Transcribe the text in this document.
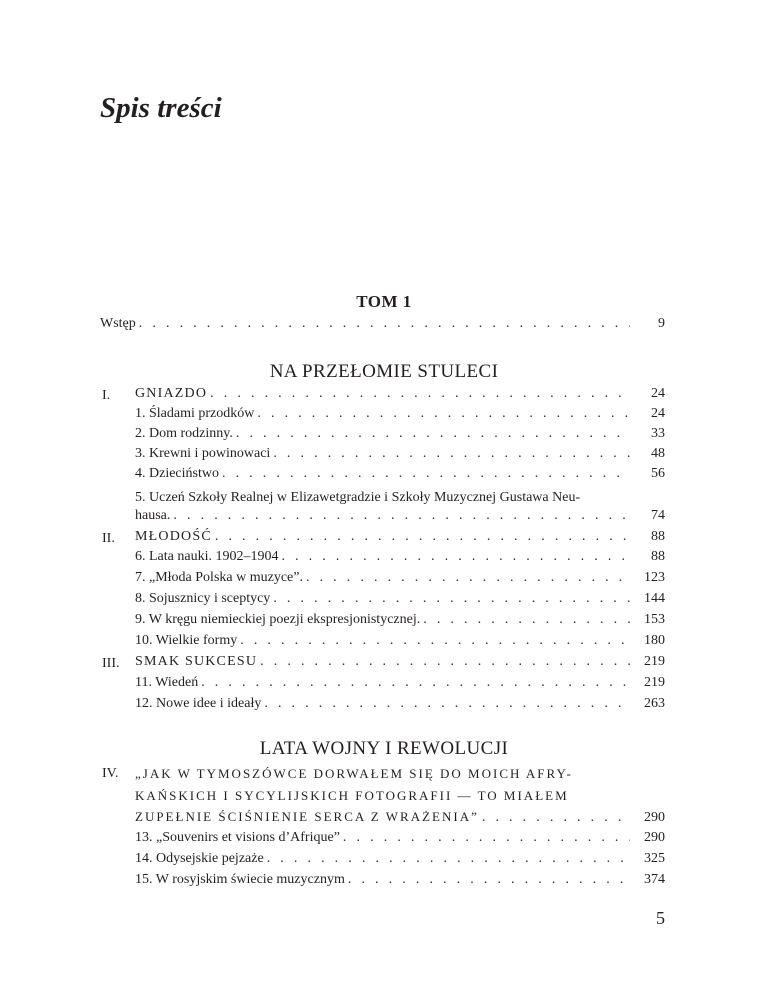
Spis treści
TOM 1
Wstęp . . .	9
NA PRZEŁOMIE STULECI
I. GNIAZDO . . .	24
1. Śladami przodków . . .	24
2. Dom rodzinny. . . .	33
3. Krewni i powinowaci . . .	48
4. Dzieciństwo . . .	56
5. Uczeń Szkoły Realnej w Elizawetgradzie i Szkoły Muzycznej Gustawa Neu-
hausa. . . .	74
II. MŁODOŚĆ . . .	88
6. Lata nauki. 1902–1904 . . .	88
7. „Młoda Polska w muzyce”. . . .	123
8. Sojusznicy i sceptycy . . .	144
9. W kręgu niemieckiej poezji ekspresjonistycznej. . . .	153
10. Wielkie formy . . .	180
III. SMAK SUKCESU . . .	219
11. Wiedeń . . .	219
12. Nowe idee i ideały . . .	263
LATA WOJNY I REWOLUCJI
IV. „JAK W TYMOSZÓWCE DORWAŁEM SIĘ DO MOICH AFRY-
KAŃSKICH I SYCYLIJSKICH FOTOGRAFII — TO MIAŁEM
ZUPEŁNIE ŚCIŚNIENIE SERCA Z WRAŻENIA” . . .	290
13. „Souvenirs et visions d’Afrique” . . .	290
14. Odysejskie pejzaże . . .	325
15. W rosyjskim świecie muzycznym . . .	374
5
